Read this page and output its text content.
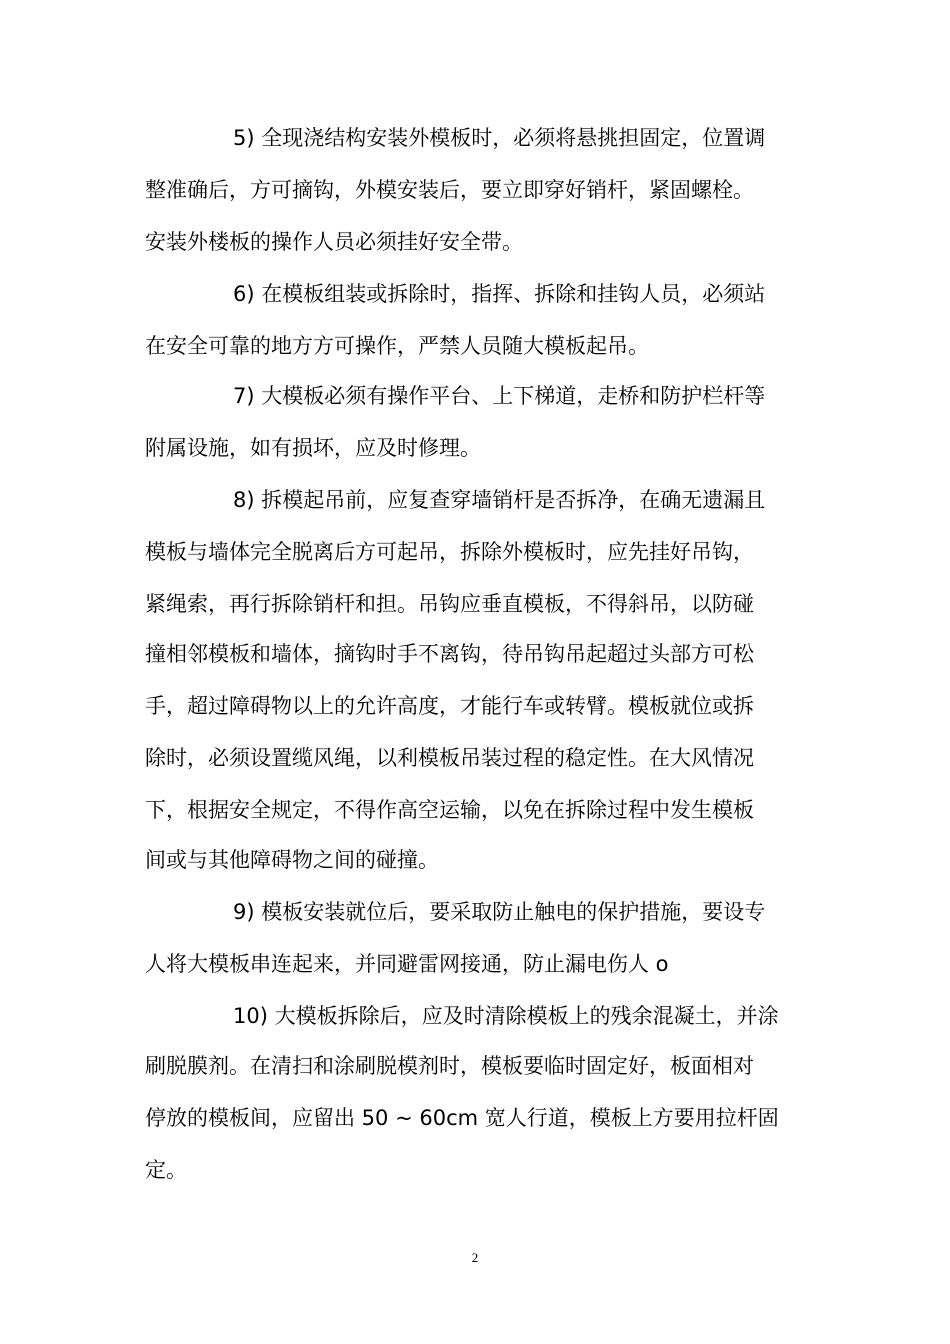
5) 全现浇结构安装外模板时，必须将悬挑担固定，位置调
整准确后，方可摘钩，外模安装后，要立即穿好销杆，紧固螺栓。
安装外楼板的操作人员必须挂好安全带。
6) 在模板组装或拆除时，指挥、拆除和挂钩人员，必须站
在安全可靠的地方方可操作，严禁人员随大模板起吊。
7) 大模板必须有操作平台、上下梯道，走桥和防护栏杆等
附属设施，如有损坏，应及时修理。
8) 拆模起吊前，应复查穿墙销杆是否拆净，在确无遗漏且
模板与墙体完全脱离后方可起吊，拆除外模板时，应先挂好吊钩，
紧绳索，再行拆除销杆和担。吊钩应垂直模板，不得斜吊，以防碰
撞相邻模板和墙体，摘钩时手不离钩，待吊钩吊起超过头部方可松
手，超过障碍物以上的允许高度，才能行车或转臂。模板就位或拆
除时，必须设置缆风绳，以利模板吊装过程的稳定性。在大风情况
下，根据安全规定，不得作高空运输，以免在拆除过程中发生模板
间或与其他障碍物之间的碰撞。
9) 模板安装就位后，要采取防止触电的保护措施，要设专
人将大模板串连起来，并同避雷网接通，防止漏电伤人 o
10) 大模板拆除后，应及时清除模板上的残余混凝土，并涂
刷脱膜剂。在清扫和涂刷脱模剂时，模板要临时固定好，板面相对
停放的模板间，应留出 50 ~ 60cm 宽人行道，模板上方要用拉杆固
定。
2
